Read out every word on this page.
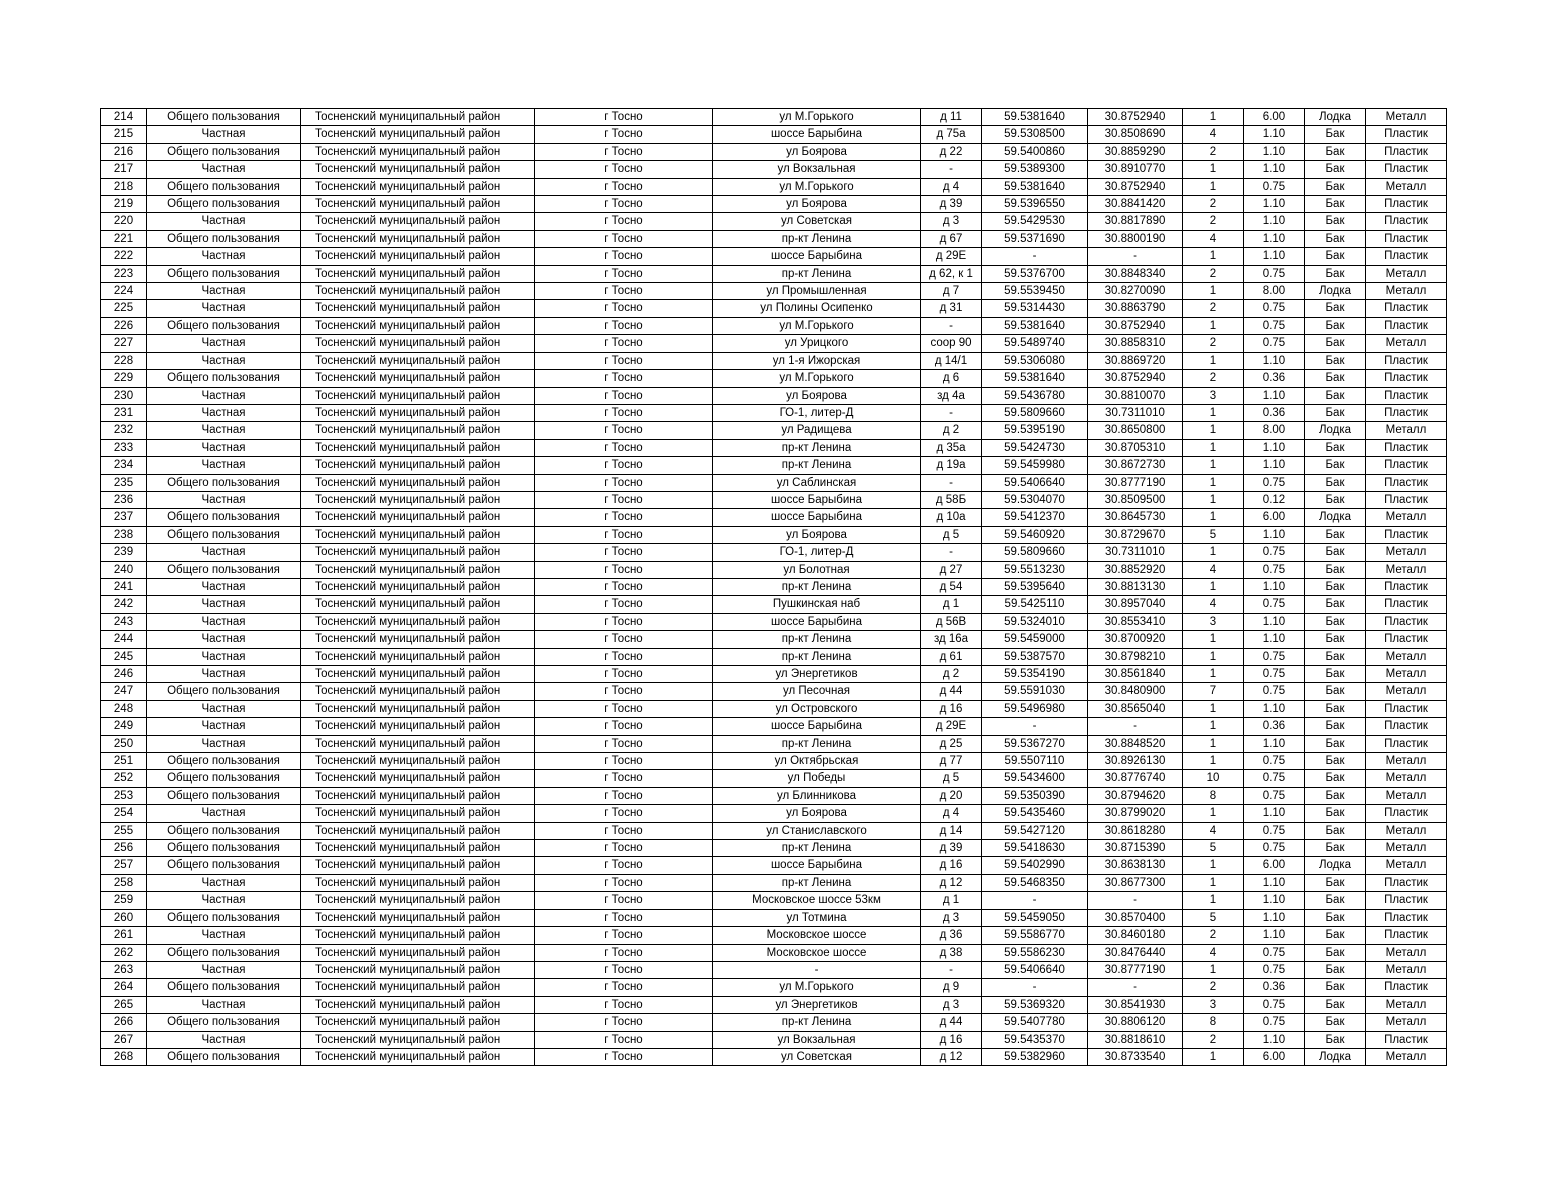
214	Общего пользования	Тосненский муниципальный район	г Тосно	ул М.Горького	д 11	59.5381640	30.8752940	1	6.00	Лодка	Металл
215	Частная	Тосненский муниципальный район	г Тосно	шоссе Барыбина	д 75а	59.5308500	30.8508690	4	1.10	Бак	Пластик
216	Общего пользования	Тосненский муниципальный район	г Тосно	ул Боярова	д 22	59.5400860	30.8859290	2	1.10	Бак	Пластик
217	Частная	Тосненский муниципальный район	г Тосно	ул Вокзальная	-	59.5389300	30.8910770	1	1.10	Бак	Пластик
218	Общего пользования	Тосненский муниципальный район	г Тосно	ул М.Горького	д 4	59.5381640	30.8752940	1	0.75	Бак	Металл
219	Общего пользования	Тосненский муниципальный район	г Тосно	ул Боярова	д 39	59.5396550	30.8841420	2	1.10	Бак	Пластик
220	Частная	Тосненский муниципальный район	г Тосно	ул Советская	д 3	59.5429530	30.8817890	2	1.10	Бак	Пластик
221	Общего пользования	Тосненский муниципальный район	г Тосно	пр-кт Ленина	д 67	59.5371690	30.8800190	4	1.10	Бак	Пластик
222	Частная	Тосненский муниципальный район	г Тосно	шоссе Барыбина	д 29Е	-	-	1	1.10	Бак	Пластик
223	Общего пользования	Тосненский муниципальный район	г Тосно	пр-кт Ленина	д 62, к 1	59.5376700	30.8848340	2	0.75	Бак	Металл
224	Частная	Тосненский муниципальный район	г Тосно	ул Промышленная	д 7	59.5539450	30.8270090	1	8.00	Лодка	Металл
225	Частная	Тосненский муниципальный район	г Тосно	ул Полины Осипенко	д 31	59.5314430	30.8863790	2	0.75	Бак	Пластик
226	Общего пользования	Тосненский муниципальный район	г Тосно	ул М.Горького	-	59.5381640	30.8752940	1	0.75	Бак	Пластик
227	Частная	Тосненский муниципальный район	г Тосно	ул Урицкого	соор 90	59.5489740	30.8858310	2	0.75	Бак	Металл
228	Частная	Тосненский муниципальный район	г Тосно	ул 1-я Ижорская	д 14/1	59.5306080	30.8869720	1	1.10	Бак	Пластик
229	Общего пользования	Тосненский муниципальный район	г Тосно	ул М.Горького	д 6	59.5381640	30.8752940	2	0.36	Бак	Пластик
230	Частная	Тосненский муниципальный район	г Тосно	ул Боярова	зд 4а	59.5436780	30.8810070	3	1.10	Бак	Пластик
231	Частная	Тосненский муниципальный район	г Тосно	ГО-1, литер-Д	-	59.5809660	30.7311010	1	0.36	Бак	Пластик
232	Частная	Тосненский муниципальный район	г Тосно	ул Радищева	д 2	59.5395190	30.8650800	1	8.00	Лодка	Металл
233	Частная	Тосненский муниципальный район	г Тосно	пр-кт Ленина	д 35а	59.5424730	30.8705310	1	1.10	Бак	Пластик
234	Частная	Тосненский муниципальный район	г Тосно	пр-кт Ленина	д 19а	59.5459980	30.8672730	1	1.10	Бак	Пластик
235	Общего пользования	Тосненский муниципальный район	г Тосно	ул Саблинская	-	59.5406640	30.8777190	1	0.75	Бак	Пластик
236	Частная	Тосненский муниципальный район	г Тосно	шоссе Барыбина	д 58Б	59.5304070	30.8509500	1	0.12	Бак	Пластик
237	Общего пользования	Тосненский муниципальный район	г Тосно	шоссе Барыбина	д 10а	59.5412370	30.8645730	1	6.00	Лодка	Металл
238	Общего пользования	Тосненский муниципальный район	г Тосно	ул Боярова	д 5	59.5460920	30.8729670	5	1.10	Бак	Пластик
239	Частная	Тосненский муниципальный район	г Тосно	ГО-1, литер-Д	-	59.5809660	30.7311010	1	0.75	Бак	Металл
240	Общего пользования	Тосненский муниципальный район	г Тосно	ул Болотная	д 27	59.5513230	30.8852920	4	0.75	Бак	Металл
241	Частная	Тосненский муниципальный район	г Тосно	пр-кт Ленина	д 54	59.5395640	30.8813130	1	1.10	Бак	Пластик
242	Частная	Тосненский муниципальный район	г Тосно	Пушкинская наб	д 1	59.5425110	30.8957040	4	0.75	Бак	Пластик
243	Частная	Тосненский муниципальный район	г Тосно	шоссе Барыбина	д 56В	59.5324010	30.8553410	3	1.10	Бак	Пластик
244	Частная	Тосненский муниципальный район	г Тосно	пр-кт Ленина	зд 16а	59.5459000	30.8700920	1	1.10	Бак	Пластик
245	Частная	Тосненский муниципальный район	г Тосно	пр-кт Ленина	д 61	59.5387570	30.8798210	1	0.75	Бак	Металл
246	Частная	Тосненский муниципальный район	г Тосно	ул Энергетиков	д 2	59.5354190	30.8561840	1	0.75	Бак	Металл
247	Общего пользования	Тосненский муниципальный район	г Тосно	ул Песочная	д 44	59.5591030	30.8480900	7	0.75	Бак	Металл
248	Частная	Тосненский муниципальный район	г Тосно	ул Островского	д 16	59.5496980	30.8565040	1	1.10	Бак	Пластик
249	Частная	Тосненский муниципальный район	г Тосно	шоссе Барыбина	д 29Е	-	-	1	0.36	Бак	Пластик
250	Частная	Тосненский муниципальный район	г Тосно	пр-кт Ленина	д 25	59.5367270	30.8848520	1	1.10	Бак	Пластик
251	Общего пользования	Тосненский муниципальный район	г Тосно	ул Октябрьская	д 77	59.5507110	30.8926130	1	0.75	Бак	Металл
252	Общего пользования	Тосненский муниципальный район	г Тосно	ул Победы	д 5	59.5434600	30.8776740	10	0.75	Бак	Металл
253	Общего пользования	Тосненский муниципальный район	г Тосно	ул Блинникова	д 20	59.5350390	30.8794620	8	0.75	Бак	Металл
254	Частная	Тосненский муниципальный район	г Тосно	ул Боярова	д 4	59.5435460	30.8799020	1	1.10	Бак	Пластик
255	Общего пользования	Тосненский муниципальный район	г Тосно	ул Станиславского	д 14	59.5427120	30.8618280	4	0.75	Бак	Металл
256	Общего пользования	Тосненский муниципальный район	г Тосно	пр-кт Ленина	д 39	59.5418630	30.8715390	5	0.75	Бак	Металл
257	Общего пользования	Тосненский муниципальный район	г Тосно	шоссе Барыбина	д 16	59.5402990	30.8638130	1	6.00	Лодка	Металл
258	Частная	Тосненский муниципальный район	г Тосно	пр-кт Ленина	д 12	59.5468350	30.8677300	1	1.10	Бак	Пластик
259	Частная	Тосненский муниципальный район	г Тосно	Московское шоссе 53км	д 1	-	-	1	1.10	Бак	Пластик
260	Общего пользования	Тосненский муниципальный район	г Тосно	ул Тотмина	д 3	59.5459050	30.8570400	5	1.10	Бак	Пластик
261	Частная	Тосненский муниципальный район	г Тосно	Московское шоссе	д 36	59.5586770	30.8460180	2	1.10	Бак	Пластик
262	Общего пользования	Тосненский муниципальный район	г Тосно	Московское шоссе	д 38	59.5586230	30.8476440	4	0.75	Бак	Металл
263	Частная	Тосненский муниципальный район	г Тосно	-	-	59.5406640	30.8777190	1	0.75	Бак	Металл
264	Общего пользования	Тосненский муниципальный район	г Тосно	ул М.Горького	д 9	-	-	2	0.36	Бак	Пластик
265	Частная	Тосненский муниципальный район	г Тосно	ул Энергетиков	д 3	59.5369320	30.8541930	3	0.75	Бак	Металл
266	Общего пользования	Тосненский муниципальный район	г Тосно	пр-кт Ленина	д 44	59.5407780	30.8806120	8	0.75	Бак	Металл
267	Частная	Тосненский муниципальный район	г Тосно	ул Вокзальная	д 16	59.5435370	30.8818610	2	1.10	Бак	Пластик
268	Общего пользования	Тосненский муниципальный район	г Тосно	ул Советская	д 12	59.5382960	30.8733540	1	6.00	Лодка	Металл
